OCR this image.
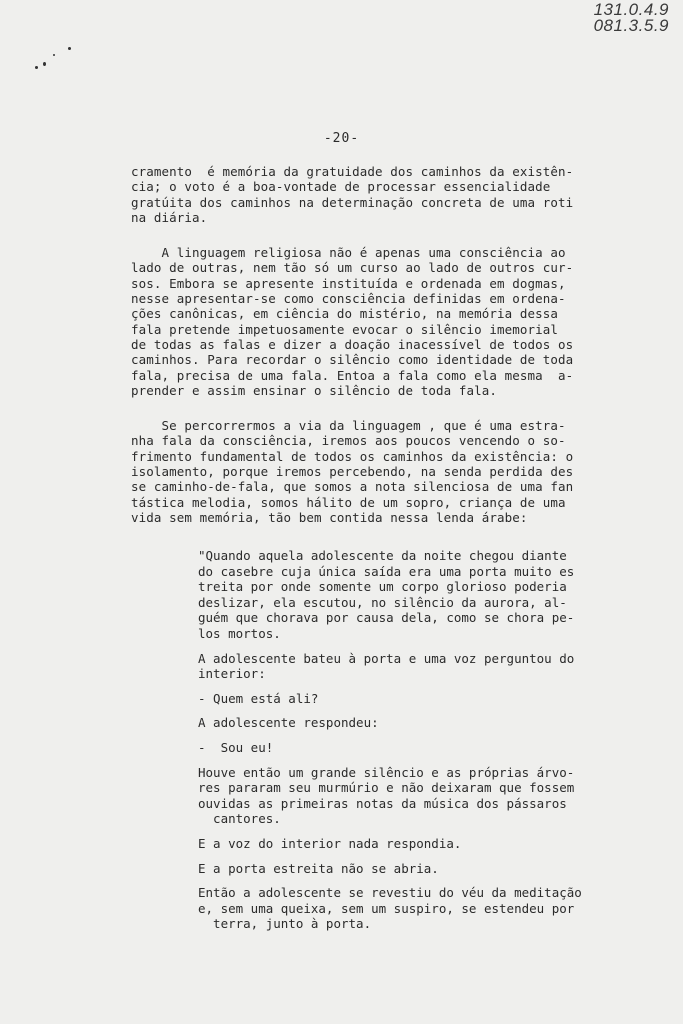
131.0.4.9
081.3.5.9
-20-
cramento  é memória da gratuidade dos caminhos da existên-
cia; o voto é a boa-vontade de processar essencialidade
gratúita dos caminhos na determinação concreta de uma roti
na diária.
A linguagem religiosa não é apenas uma consciência ao
lado de outras, nem tão só um curso ao lado de outros cur-
sos. Embora se apresente instituída e ordenada em dogmas,
nesse apresentar-se como consciência definidas em ordena-
ções canônicas, em ciência do mistério, na memória dessa
fala pretende impetuosamente evocar o silêncio imemorial
de todas as falas e dizer a doação inacessível de todos os
caminhos. Para recordar o silêncio como identidade de toda
fala, precisa de uma fala. Entoa a fala como ela mesma  a-
prender e assim ensinar o silêncio de toda fala.
Se percorrermos a via da linguagem , que é uma estra-
nha fala da consciência, iremos aos poucos vencendo o so-
frimento fundamental de todos os caminhos da existência: o
isolamento, porque iremos percebendo, na senda perdida des
se caminho-de-fala, que somos a nota silenciosa de uma fan
tástica melodia, somos hálito de um sopro, criança de uma
vida sem memória, tão bem contida nessa lenda árabe:
"Quando aquela adolescente da noite chegou diante
do casebre cuja única saída era uma porta muito es
treita por onde somente um corpo glorioso poderia
deslizar, ela escutou, no silêncio da aurora, al-
guém que chorava por causa dela, como se chora pe-
los mortos.
A adolescente bateu à porta e uma voz perguntou do
interior:
- Quem está ali?
A adolescente respondeu:
-  Sou eu!
Houve então um grande silêncio e as próprias árvo-
res pararam seu murmúrio e não deixaram que fossem
ouvidas as primeiras notas da música dos pássaros
cantores.
E a voz do interior nada respondia.
E a porta estreita não se abria.
Então a adolescente se revestiu do véu da meditação
e, sem uma queixa, sem um suspiro, se estendeu por
terra, junto à porta.
